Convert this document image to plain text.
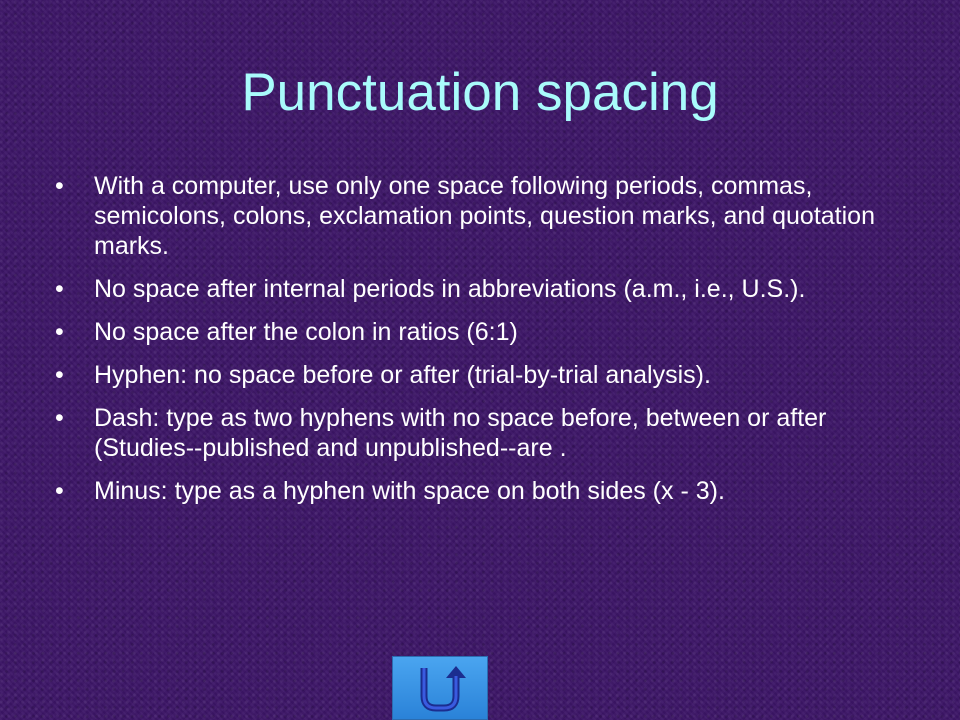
Punctuation spacing
•	With a computer, use only one space following periods, commas, semicolons, colons, exclamation points, question marks, and quotation marks.
•	No space after internal periods in abbreviations (a.m., i.e., U.S.).
•	No space after the colon in ratios (6:1)
•	Hyphen: no space before or after (trial-by-trial analysis).
•	Dash: type as two hyphens with no space before, between or after (Studies--published and unpublished--are .
•	Minus: type as a hyphen with space on both sides (x - 3).
